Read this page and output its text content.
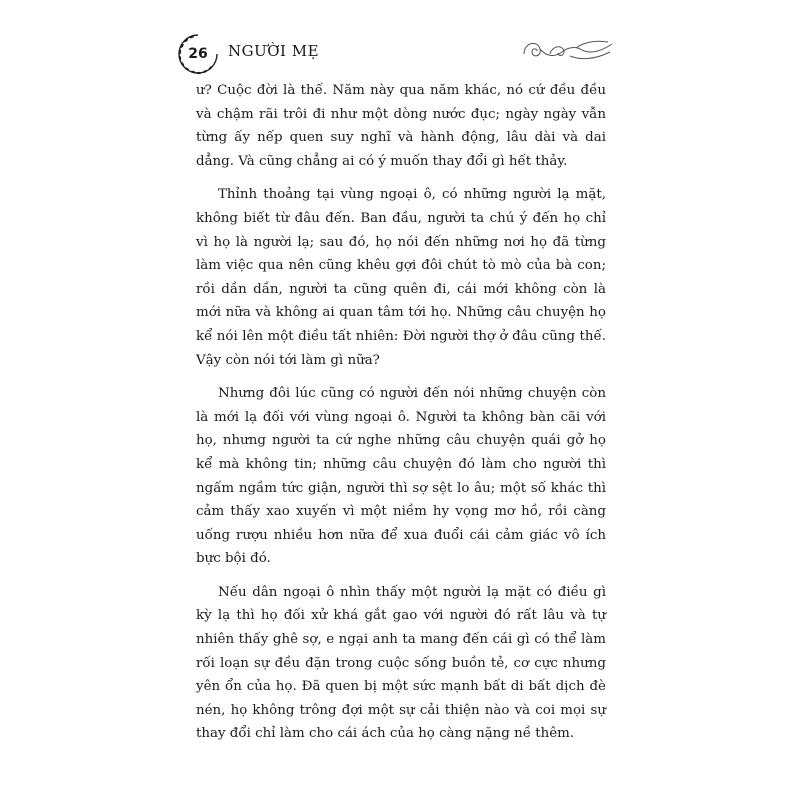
26	NGƯỜI MẸ

ư? Cuộc đời là thế. Năm này qua năm khác, nó cứ đều đều và chậm rãi trôi đi như một dòng nước đục; ngày ngày vẫn từng ấy nếp quen suy nghĩ và hành động, lâu dài và dai dẳng. Và cũng chẳng ai có ý muốn thay đổi gì hết thảy.

Thỉnh thoảng tại vùng ngoại ô, có những người lạ mặt, không biết từ đâu đến. Ban đầu, người ta chú ý đến họ chỉ vì họ là người lạ; sau đó, họ nói đến những nơi họ đã từng làm việc qua nên cũng khêu gợi đôi chút tò mò của bà con; rồi dần dần, người ta cũng quên đi, cái mới không còn là mới nữa và không ai quan tâm tới họ. Những câu chuyện họ kể nói lên một điều tất nhiên: Đời người thợ ở đâu cũng thế. Vậy còn nói tới làm gì nữa?

Nhưng đôi lúc cũng có người đến nói những chuyện còn là mới lạ đối với vùng ngoại ô. Người ta không bàn cãi với họ, nhưng người ta cứ nghe những câu chuyện quái gở họ kể mà không tin; những câu chuyện đó làm cho người thì ngấm ngầm tức giận, người thì sợ sệt lo âu; một số khác thì cảm thấy xao xuyến vì một niềm hy vọng mơ hồ, rồi càng uống rượu nhiều hơn nữa để xua đuổi cái cảm giác vô ích bực bội đó.

Nếu dân ngoại ô nhìn thấy một người lạ mặt có điều gì kỳ lạ thì họ đối xử khá gắt gao với người đó rất lâu và tự nhiên thấy ghê sợ, e ngại anh ta mang đến cái gì có thể làm rối loạn sự đều đặn trong cuộc sống buồn tẻ, cơ cực nhưng yên ổn của họ. Đã quen bị một sức mạnh bất di bất dịch đè nén, họ không trông đợi một sự cải thiện nào và coi mọi sự thay đổi chỉ làm cho cái ách của họ càng nặng nề thêm.
